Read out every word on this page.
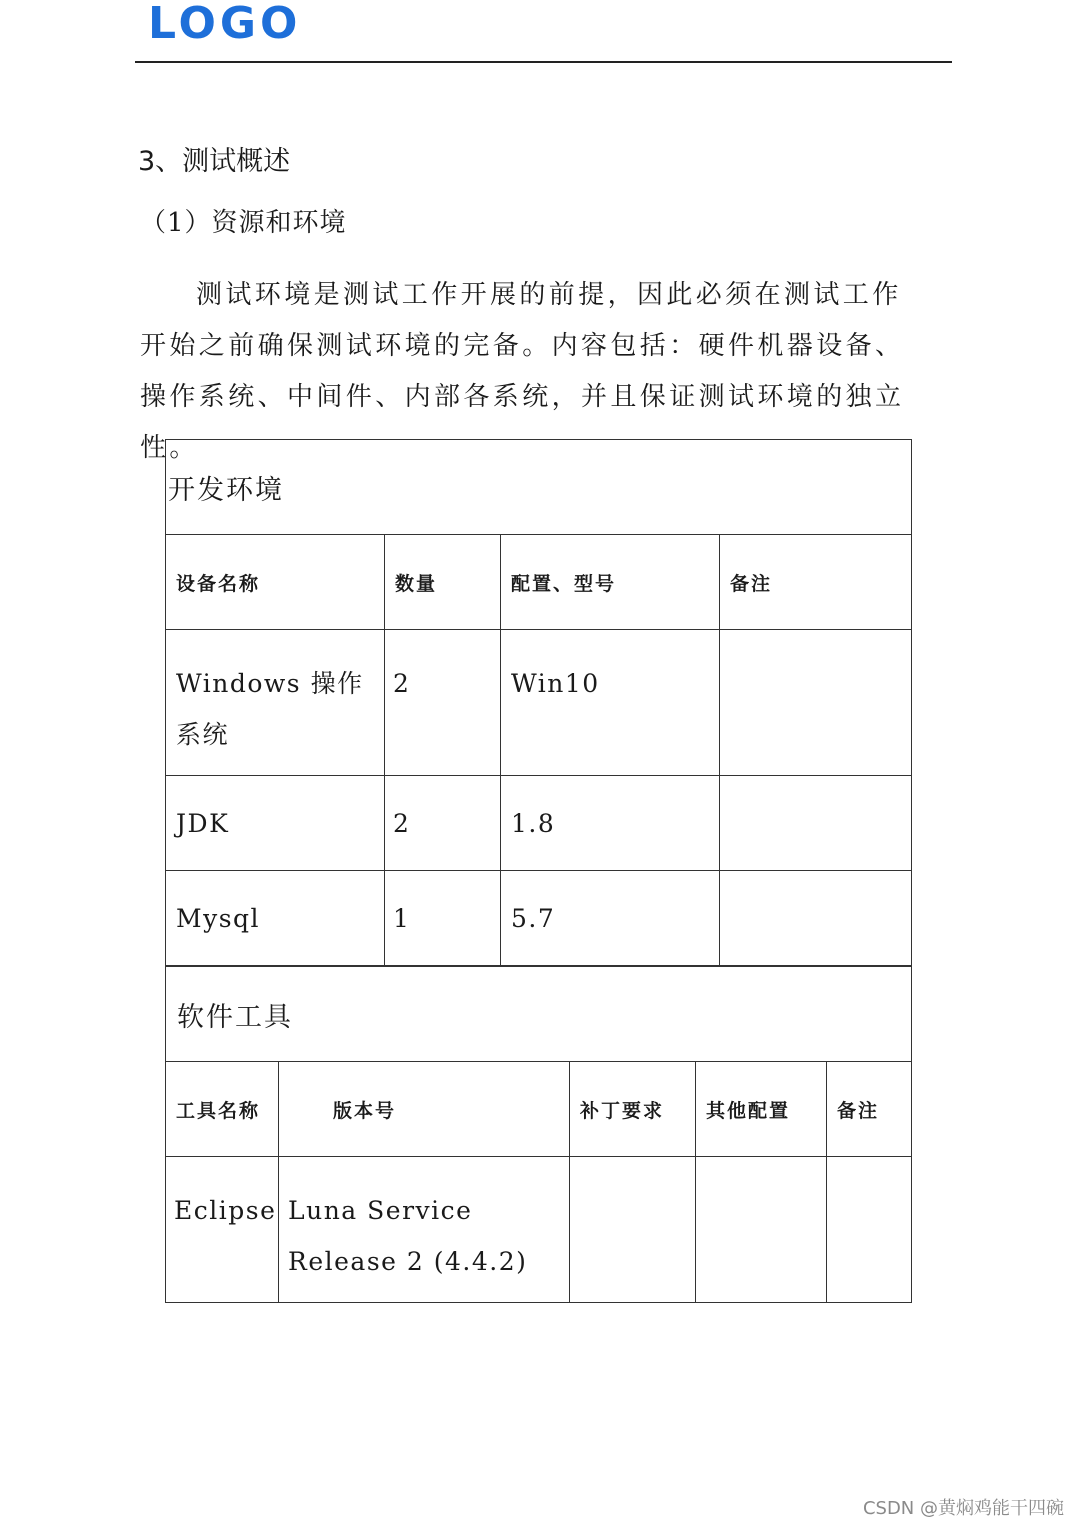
LOGO
3、测试概述
（1）资源和环境

测试环境是测试工作开展的前提，因此必须在测试工作开始之前确保测试环境的完备。内容包括：硬件机器设备、操作系统、中间件、内部各系统，并且保证测试环境的独立性。

开发环境			
设备名称	数量	配置、型号	备注
Windows 操作系统	2	Win10	
JDK	2	1.8	
Mysql	1	5.7	
软件工具				
工具名称	版本号	补丁要求	其他配置	备注
Eclipse	Luna Service Release 2 (4.4.2)			
CSDN @黄焖鸡能干四碗
